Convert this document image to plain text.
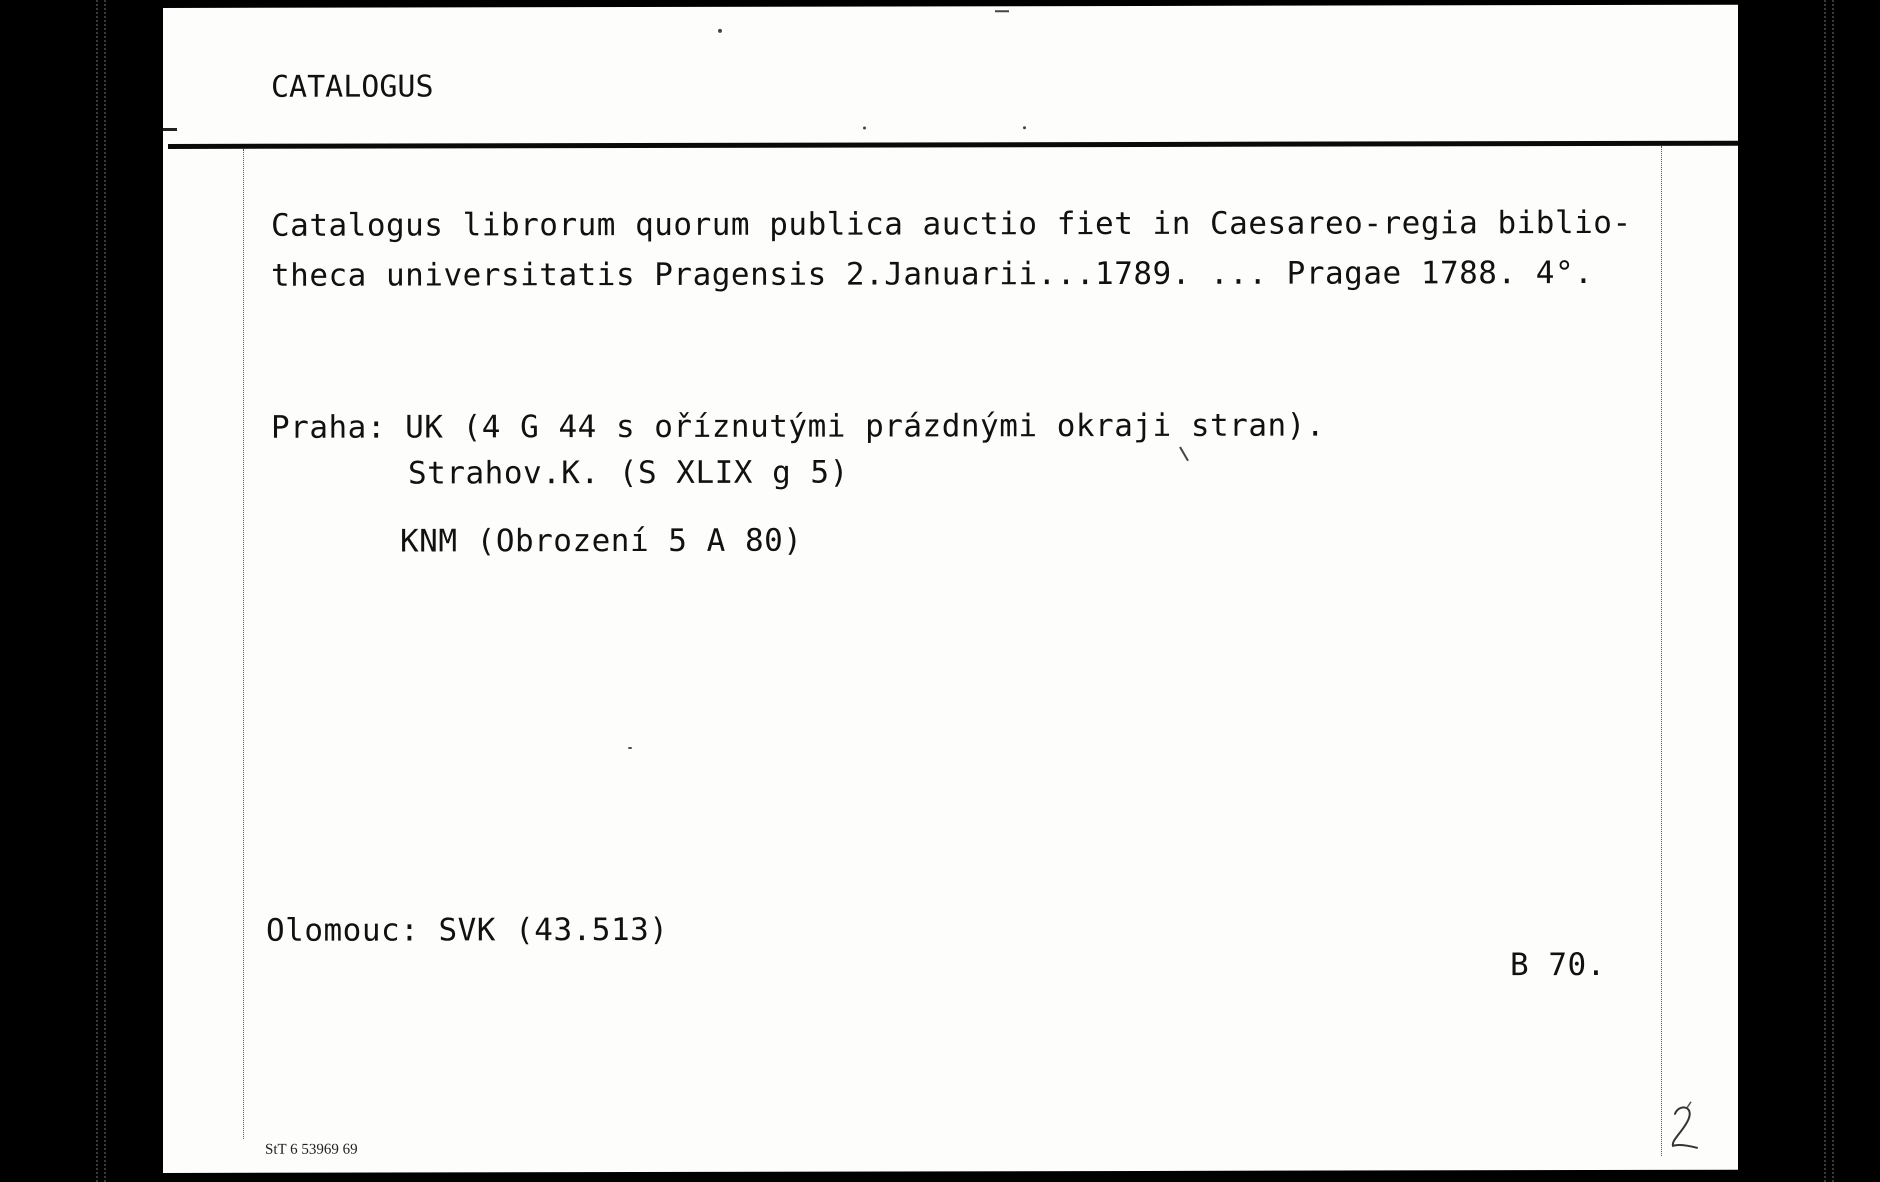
CATALOGUS
Catalogus librorum quorum publica auctio fiet in Caesareo-regia biblio-
theca universitatis Pragensis 2.Januarii...1789. ... Pragae 1788. 4°.
Praha: UK (4 G 44 s oříznutými prázdnými okraji stran).
Strahov.K. (S XLIX g 5)
KNM (Obrození 5 A 80)
Olomouc: SVK (43.513)
B 70.
StT 6 53969 69
